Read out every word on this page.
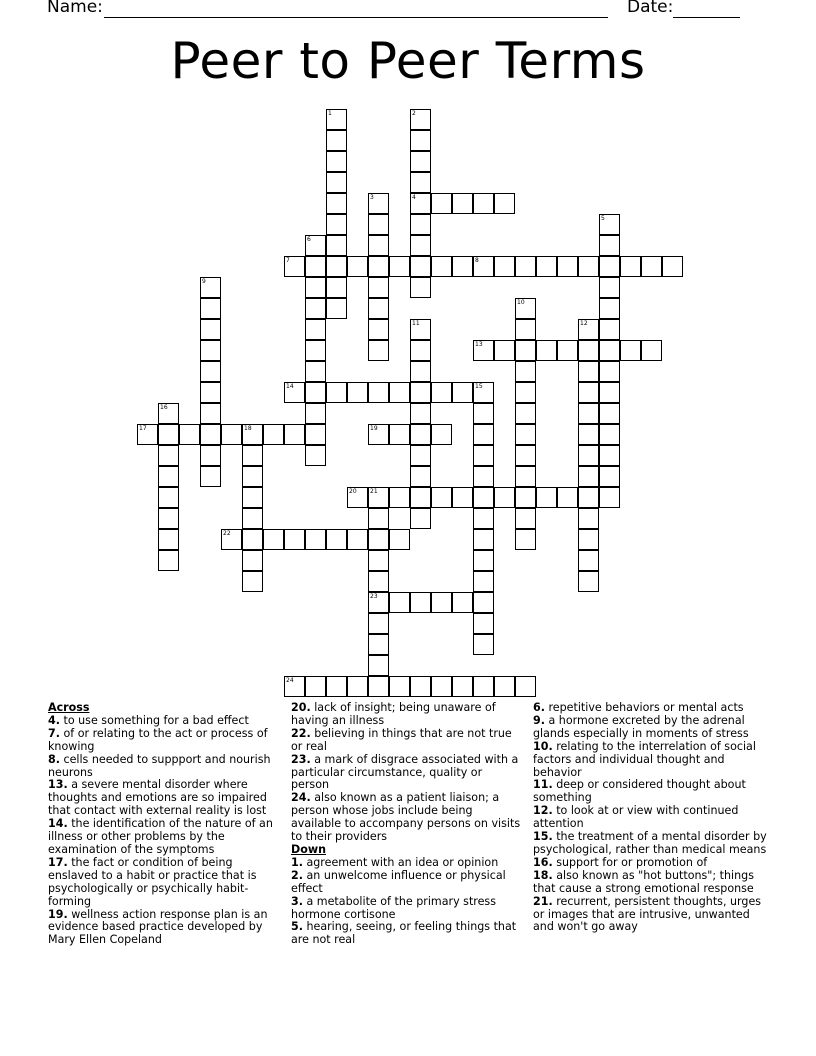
Name:	Date:
Peer to Peer Terms
1	2
4
3
5
6
7	8
9
10
11	12
13
14	15
16
17	18	19
20 21
23
22
24
Across
4. to use something for a bad effect
7. of or relating to the act or process of knowing
8. cells needed to suppport and nourish neurons
13. a severe mental disorder where thoughts and emotions are so impaired that contact with external reality is lost
14. the identification of the nature of an illness or other problems by the examination of the symptoms
17. the fact or condition of being enslaved to a habit or practice that is psychologically or psychically habit-forming
19. wellness action response plan is an evidence based practice developed by Mary Ellen Copeland
20. lack of insight; being unaware of having an illness
22. believing in things that are not true or real
23. a mark of disgrace associated with a particular circumstance, quality or person
24. also known as a patient liaison; a person whose jobs include being available to accompany persons on visits to their providers
Down
1. agreement with an idea or opinion
2. an unwelcome influence or physical effect
3. a metabolite of the primary stress hormone cortisone
5. hearing, seeing, or feeling things that are not real
6. repetitive behaviors or mental acts
9. a hormone excreted by the adrenal glands especially in moments of stress
10. relating to the interrelation of social factors and individual thought and behavior
11. deep or considered thought about something
12. to look at or view with continued attention
15. the treatment of a mental disorder by psychological, rather than medical means
16. support for or promotion of
18. also known as "hot buttons"; things that cause a strong emotional response
21. recurrent, persistent thoughts, urges or images that are intrusive, unwanted and won't go away
